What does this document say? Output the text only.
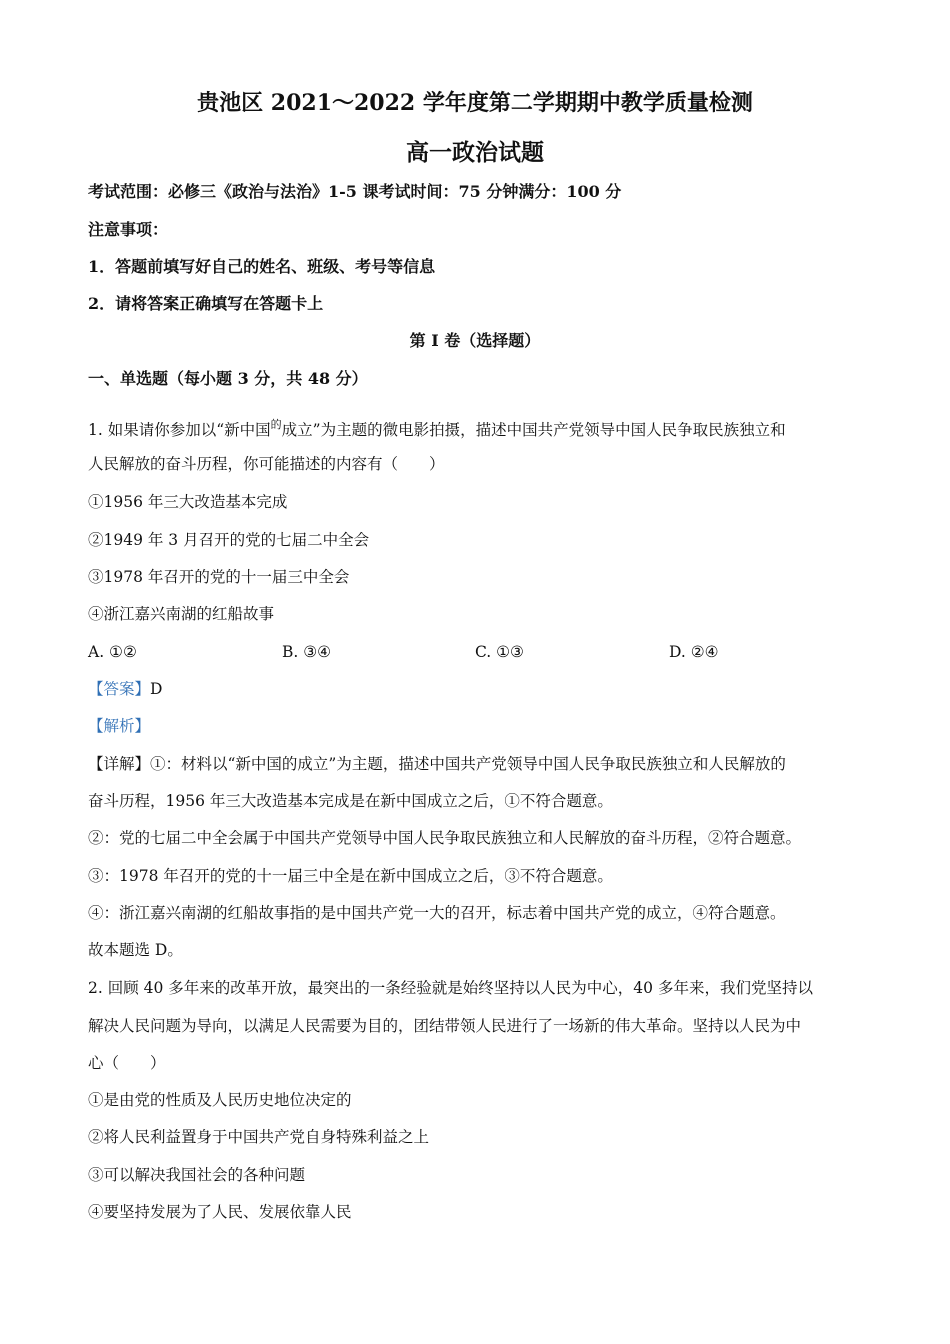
贵池区 2021～2022 学年度第二学期期中教学质量检测
高一政治试题
考试范围：必修三《政治与法治》1-5 课考试时间：75 分钟满分：100 分
注意事项：
1．答题前填写好自己的姓名、班级、考号等信息
2．请将答案正确填写在答题卡上
第 I 卷（选择题）
一、单选题（每小题 3 分，共 48 分）
1. 如果请你参加以“新中国$^的$成立”为主题的微电影拍摄，描述中国共产党领导中国人民争取民族独立和
人民解放的奋斗历程，你可能描述的内容有（　　）
①1956 年三大改造基本完成
②1949 年 3 月召开的党的七届二中全会
③1978 年召开的党的十一届三中全会
④浙江嘉兴南湖的红船故事
A. ①②	B. ③④	C. ①③	D. ②④
【答案】D
【解析】
【详解】①：材料以“新中国的成立”为主题，描述中国共产党领导中国人民争取民族独立和人民解放的
奋斗历程，1956 年三大改造基本完成是在新中国成立之后，①不符合题意。
②：党的七届二中全会属于中国共产党领导中国人民争取民族独立和人民解放的奋斗历程，②符合题意。
③：1978 年召开的党的十一届三中全是在新中国成立之后，③不符合题意。
④：浙江嘉兴南湖的红船故事指的是中国共产党一大的召开，标志着中国共产党的成立，④符合题意。
故本题选 D。
2. 回顾 40 多年来的改革开放，最突出的一条经验就是始终坚持以人民为中心，40 多年来，我们党坚持以
解决人民问题为导向，以满足人民需要为目的，团结带领人民进行了一场新的伟大革命。坚持以人民为中
心（　　）
①是由党的性质及人民历史地位决定的
②将人民利益置身于中国共产党自身特殊利益之上
③可以解决我国社会的各种问题
④要坚持发展为了人民、发展依靠人民
